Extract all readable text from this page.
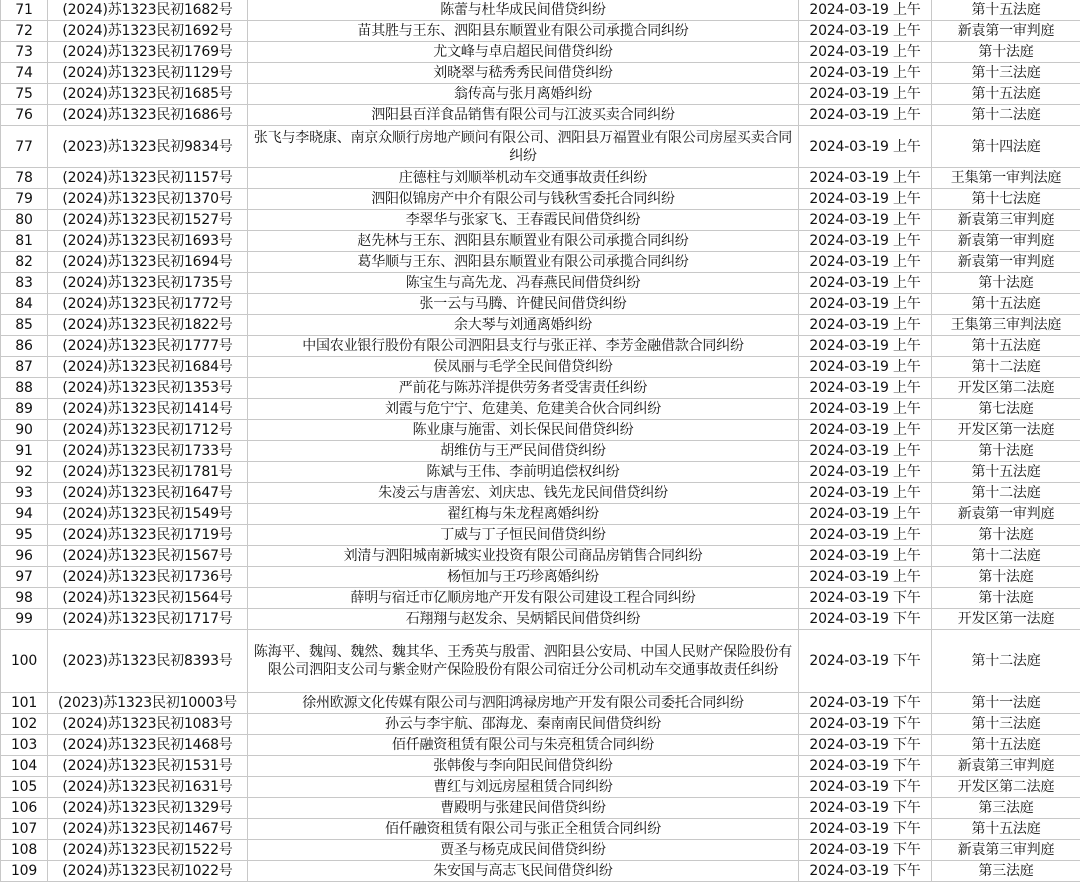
71	(2024)苏1323民初1682号	陈蕾与杜华成民间借贷纠纷	2024-03-19 上午	第十五法庭
72	(2024)苏1323民初1692号	苗其胜与王东、泗阳县东顺置业有限公司承揽合同纠纷	2024-03-19 上午	新袁第一审判庭
73	(2024)苏1323民初1769号	尤文峰与卓启超民间借贷纠纷	2024-03-19 上午	第十法庭
74	(2024)苏1323民初1129号	刘晓翠与嵇秀秀民间借贷纠纷	2024-03-19 上午	第十三法庭
75	(2024)苏1323民初1685号	翁传高与张月离婚纠纷	2024-03-19 上午	第十五法庭
76	(2024)苏1323民初1686号	泗阳县百洋食品销售有限公司与江波买卖合同纠纷	2024-03-19 上午	第十二法庭
77	(2023)苏1323民初9834号	张飞与李晓康、南京众顺行房地产顾问有限公司、泗阳县万福置业有限公司房屋买卖合同纠纷	2024-03-19 上午	第十四法庭
78	(2024)苏1323民初1157号	庄德柱与刘顺举机动车交通事故责任纠纷	2024-03-19 上午	王集第一审判法庭
79	(2024)苏1323民初1370号	泗阳似锦房产中介有限公司与钱秋雪委托合同纠纷	2024-03-19 上午	第十七法庭
80	(2024)苏1323民初1527号	李翠华与张家飞、王春霞民间借贷纠纷	2024-03-19 上午	新袁第三审判庭
81	(2024)苏1323民初1693号	赵先林与王东、泗阳县东顺置业有限公司承揽合同纠纷	2024-03-19 上午	新袁第一审判庭
82	(2024)苏1323民初1694号	葛华顺与王东、泗阳县东顺置业有限公司承揽合同纠纷	2024-03-19 上午	新袁第一审判庭
83	(2024)苏1323民初1735号	陈宝生与高先龙、冯春燕民间借贷纠纷	2024-03-19 上午	第十法庭
84	(2024)苏1323民初1772号	张一云与马腾、许健民间借贷纠纷	2024-03-19 上午	第十五法庭
85	(2024)苏1323民初1822号	余大琴与刘通离婚纠纷	2024-03-19 上午	王集第三审判法庭
86	(2024)苏1323民初1777号	中国农业银行股份有限公司泗阳县支行与张正祥、李芳金融借款合同纠纷	2024-03-19 上午	第十五法庭
87	(2024)苏1323民初1684号	侯凤丽与毛学全民间借贷纠纷	2024-03-19 上午	第十二法庭
88	(2024)苏1323民初1353号	严前花与陈苏洋提供劳务者受害责任纠纷	2024-03-19 上午	开发区第二法庭
89	(2024)苏1323民初1414号	刘霞与危宁宁、危建美、危建美合伙合同纠纷	2024-03-19 上午	第七法庭
90	(2024)苏1323民初1712号	陈业康与施雷、刘长保民间借贷纠纷	2024-03-19 上午	开发区第一法庭
91	(2024)苏1323民初1733号	胡维仿与王严民间借贷纠纷	2024-03-19 上午	第十法庭
92	(2024)苏1323民初1781号	陈斌与王伟、李前明追偿权纠纷	2024-03-19 上午	第十五法庭
93	(2024)苏1323民初1647号	朱凌云与唐善宏、刘庆忠、钱先龙民间借贷纠纷	2024-03-19 上午	第十二法庭
94	(2024)苏1323民初1549号	翟红梅与朱龙程离婚纠纷	2024-03-19 上午	新袁第一审判庭
95	(2024)苏1323民初1719号	丁威与丁子恒民间借贷纠纷	2024-03-19 上午	第十法庭
96	(2024)苏1323民初1567号	刘清与泗阳城南新城实业投资有限公司商品房销售合同纠纷	2024-03-19 上午	第十二法庭
97	(2024)苏1323民初1736号	杨恒加与王巧珍离婚纠纷	2024-03-19 上午	第十法庭
98	(2024)苏1323民初1564号	薛明与宿迁市亿顺房地产开发有限公司建设工程合同纠纷	2024-03-19 下午	第十法庭
99	(2024)苏1323民初1717号	石翔翔与赵发余、吴炳韬民间借贷纠纷	2024-03-19 下午	开发区第一法庭
100	(2023)苏1323民初8393号	陈海平、魏闯、魏然、魏其华、王秀英与殷雷、泗阳县公安局、中国人民财产保险股份有限公司泗阳支公司与紫金财产保险股份有限公司宿迁分公司机动车交通事故责任纠纷	2024-03-19 下午	第十二法庭
101	(2023)苏1323民初10003号	徐州欧源文化传媒有限公司与泗阳鸿禄房地产开发有限公司委托合同纠纷	2024-03-19 下午	第十一法庭
102	(2024)苏1323民初1083号	孙云与李宇航、邵海龙、秦南南民间借贷纠纷	2024-03-19 下午	第十三法庭
103	(2024)苏1323民初1468号	佰仟融资租赁有限公司与朱亮租赁合同纠纷	2024-03-19 下午	第十五法庭
104	(2024)苏1323民初1531号	张韩俊与李向阳民间借贷纠纷	2024-03-19 下午	新袁第三审判庭
105	(2024)苏1323民初1631号	曹红与刘远房屋租赁合同纠纷	2024-03-19 下午	开发区第二法庭
106	(2024)苏1323民初1329号	曹殿明与张建民间借贷纠纷	2024-03-19 下午	第三法庭
107	(2024)苏1323民初1467号	佰仟融资租赁有限公司与张正全租赁合同纠纷	2024-03-19 下午	第十五法庭
108	(2024)苏1323民初1522号	贾圣与杨克成民间借贷纠纷	2024-03-19 下午	新袁第三审判庭
109	(2024)苏1323民初1022号	朱安国与高志飞民间借贷纠纷	2024-03-19 下午	第三法庭
